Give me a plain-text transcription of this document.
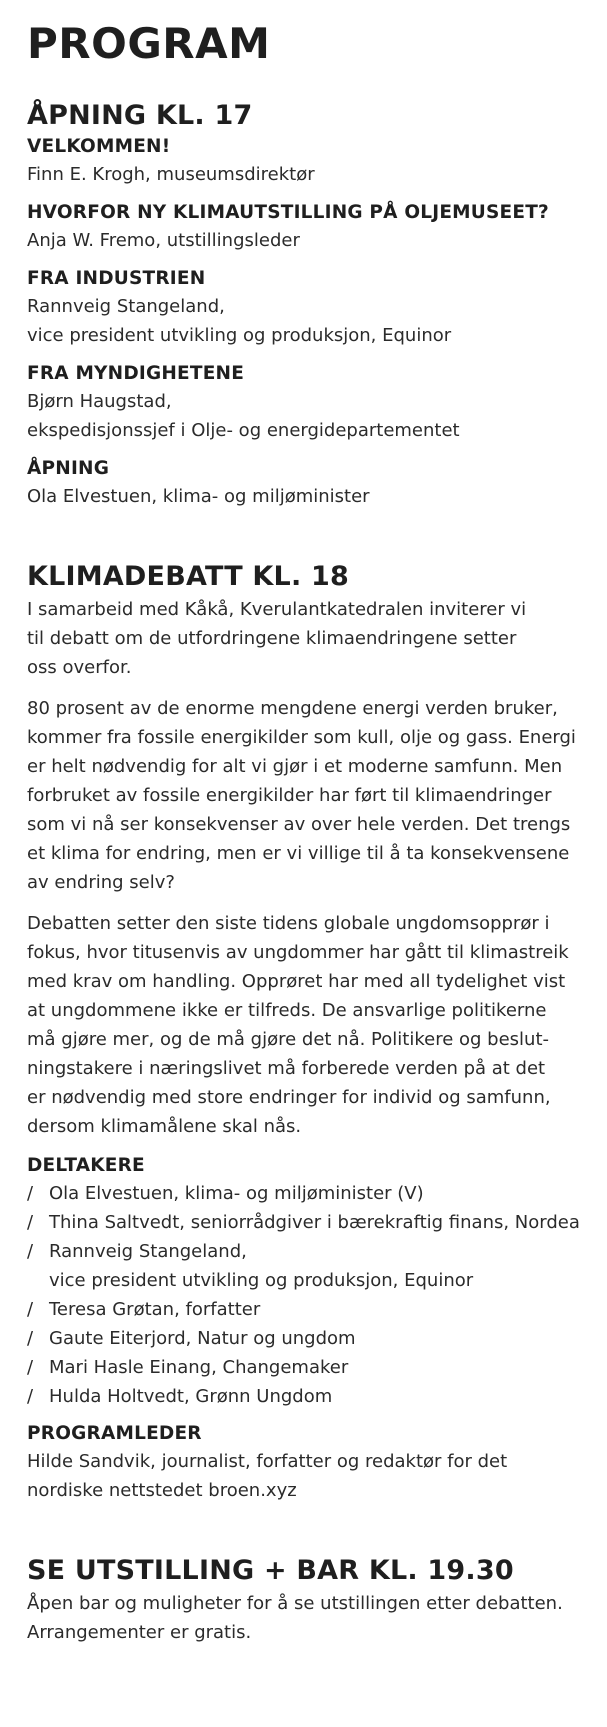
PROGRAM
ÅPNING KL. 17
VELKOMMEN!
Finn E. Krogh, museumsdirektør
HVORFOR NY KLIMAUTSTILLING PÅ OLJEMUSEET?
Anja W. Fremo, utstillingsleder
FRA INDUSTRIEN
Rannveig Stangeland,
vice president utvikling og produksjon, Equinor
FRA MYNDIGHETENE
Bjørn Haugstad,
ekspedisjonssjef i Olje- og energidepartementet
ÅPNING
Ola Elvestuen, klima- og miljøminister
KLIMADEBATT KL. 18

I samarbeid med Kåkå, Kverulantkatedralen inviterer vi
til debatt om de utfordringene klimaendringene setter
oss overfor.

80 prosent av de enorme mengdene energi verden bruker,
kommer fra fossile energikilder som kull, olje og gass. Energi
er helt nødvendig for alt vi gjør i et moderne samfunn. Men
forbruket av fossile energikilder har ført til klimaendringer
som vi nå ser konsekvenser av over hele verden. Det trengs
et klima for endring, men er vi villige til å ta konsekvensene
av endring selv?

Debatten setter den siste tidens globale ungdomsopprør i
fokus, hvor titusenvis av ungdommer har gått til klimastreik
med krav om handling. Opprøret har med all tydelighet vist
at ungdommene ikke er tilfreds. De ansvarlige politikerne
må gjøre mer, og de må gjøre det nå. Politikere og beslut-
ningstakere i næringslivet må forberede verden på at det
er nødvendig med store endringer for individ og samfunn,
dersom klimamålene skal nås.

DELTAKERE
/ Ola Elvestuen, klima- og miljøminister (V)
/ Thina Saltvedt, seniorrådgiver i bærekraftig finans, Nordea
/ Rannveig Stangeland,
vice president utvikling og produksjon, Equinor
/ Teresa Grøtan, forfatter
/ Gaute Eiterjord, Natur og ungdom
/ Mari Hasle Einang, Changemaker
/ Hulda Holtvedt, Grønn Ungdom
PROGRAMLEDER
Hilde Sandvik, journalist, forfatter og redaktør for det
nordiske nettstedet broen.xyz
SE UTSTILLING + BAR KL. 19.30
Åpen bar og muligheter for å se utstillingen etter debatten.
Arrangementer er gratis.
